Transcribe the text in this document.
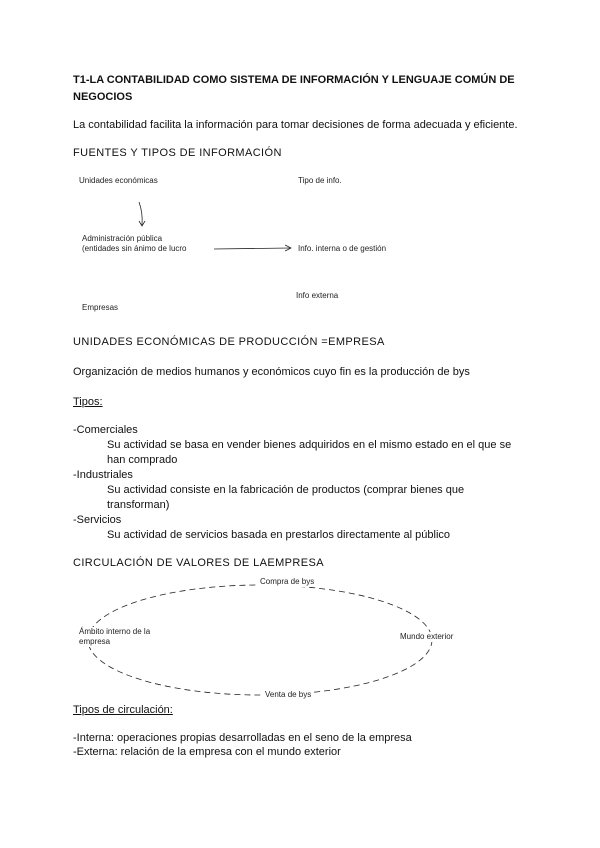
T1-LA CONTABILIDAD COMO SISTEMA DE INFORMACIÓN Y LENGUAJE COMÚN DE NEGOCIOS
La contabilidad facilita la información para tomar decisiones de forma adecuada y eficiente.
FUENTES Y TIPOS DE INFORMACIÓN
Unidades económicas	Tipo de info.
Administración pública (entidades sin ánimo de lucro	Info. interna o de gestión
Info externa
Empresas
UNIDADES ECONÓMICAS DE PRODUCCIÓN =EMPRESA
Organización de medios humanos y económicos cuyo fin es la producción de bys
Tipos:
-Comerciales
Su actividad se basa en vender bienes adquiridos en el mismo estado en el que se han comprado
-Industriales
Su actividad consiste en la fabricación de productos (comprar bienes que transforman)
-Servicios
Su actividad de servicios basada en prestarlos directamente al público
CIRCULACIÓN DE VALORES DE LAEMPRESA
Compra de bys
Ámbito interno de la empresa
Mundo exterior
Venta de bys
Tipos de circulación:
-Interna: operaciones propias desarrolladas en el seno de la empresa
-Externa: relación de la empresa con el mundo exterior
